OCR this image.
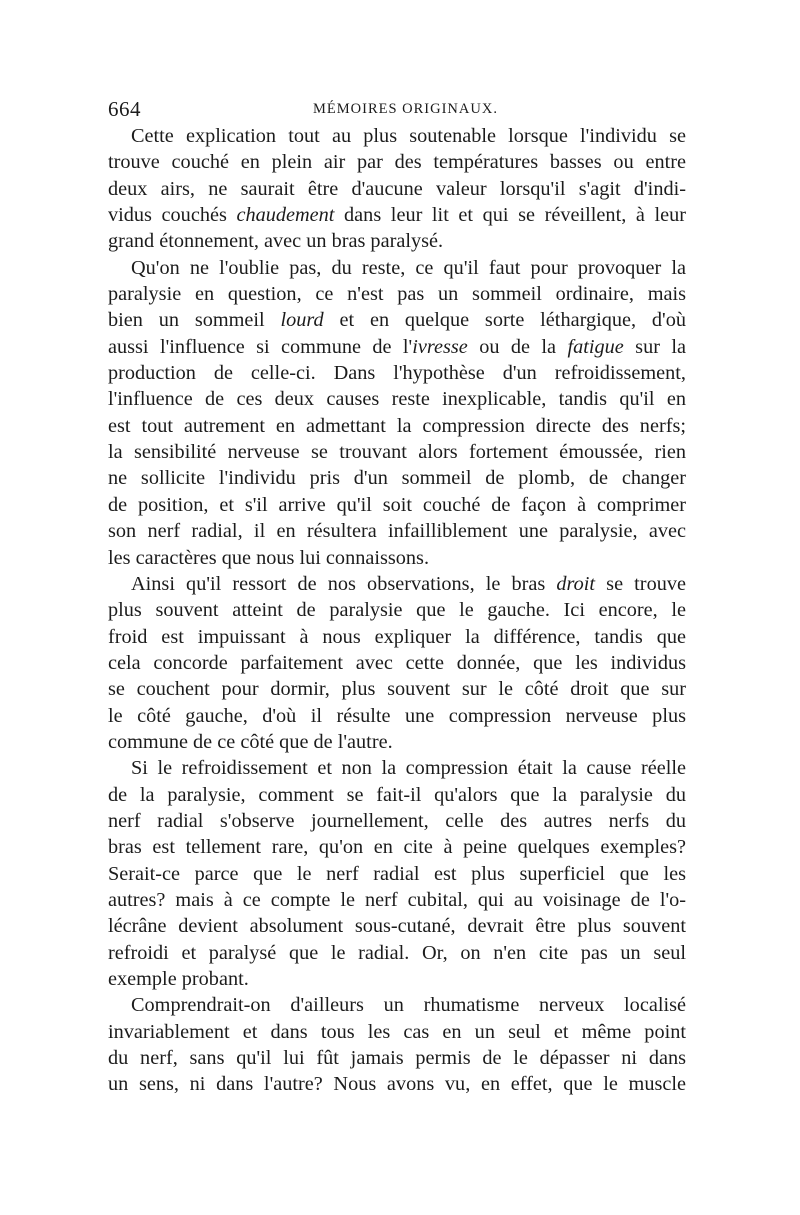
664	MÉMOIRES ORIGINAUX.
Cette explication tout au plus soutenable lorsque l'individu se
trouve couché en plein air par des températures basses ou entre
deux airs, ne saurait être d'aucune valeur lorsqu'il s'agit d'indi-
vidus couchés chaudement dans leur lit et qui se réveillent, à leur
grand étonnement, avec un bras paralysé.
Qu'on ne l'oublie pas, du reste, ce qu'il faut pour provoquer la
paralysie en question, ce n'est pas un sommeil ordinaire, mais
bien un sommeil lourd et en quelque sorte léthargique, d'où
aussi l'influence si commune de l'ivresse ou de la fatigue sur la
production de celle-ci. Dans l'hypothèse d'un refroidissement,
l'influence de ces deux causes reste inexplicable, tandis qu'il en
est tout autrement en admettant la compression directe des nerfs;
la sensibilité nerveuse se trouvant alors fortement émoussée, rien
ne sollicite l'individu pris d'un sommeil de plomb, de changer
de position, et s'il arrive qu'il soit couché de façon à comprimer
son nerf radial, il en résultera infailliblement une paralysie, avec
les caractères que nous lui connaissons.
Ainsi qu'il ressort de nos observations, le bras droit se trouve
plus souvent atteint de paralysie que le gauche. Ici encore, le
froid est impuissant à nous expliquer la différence, tandis que
cela concorde parfaitement avec cette donnée, que les individus
se couchent pour dormir, plus souvent sur le côté droit que sur
le côté gauche, d'où il résulte une compression nerveuse plus
commune de ce côté que de l'autre.
Si le refroidissement et non la compression était la cause réelle
de la paralysie, comment se fait-il qu'alors que la paralysie du
nerf radial s'observe journellement, celle des autres nerfs du
bras est tellement rare, qu'on en cite à peine quelques exemples?
Serait-ce parce que le nerf radial est plus superficiel que les
autres? mais à ce compte le nerf cubital, qui au voisinage de l'o-
lécrâne devient absolument sous-cutané, devrait être plus souvent
refroidi et paralysé que le radial. Or, on n'en cite pas un seul
exemple probant.
Comprendrait-on d'ailleurs un rhumatisme nerveux localisé
invariablement et dans tous les cas en un seul et même point
du nerf, sans qu'il lui fût jamais permis de le dépasser ni dans
un sens, ni dans l'autre? Nous avons vu, en effet, que le muscle
